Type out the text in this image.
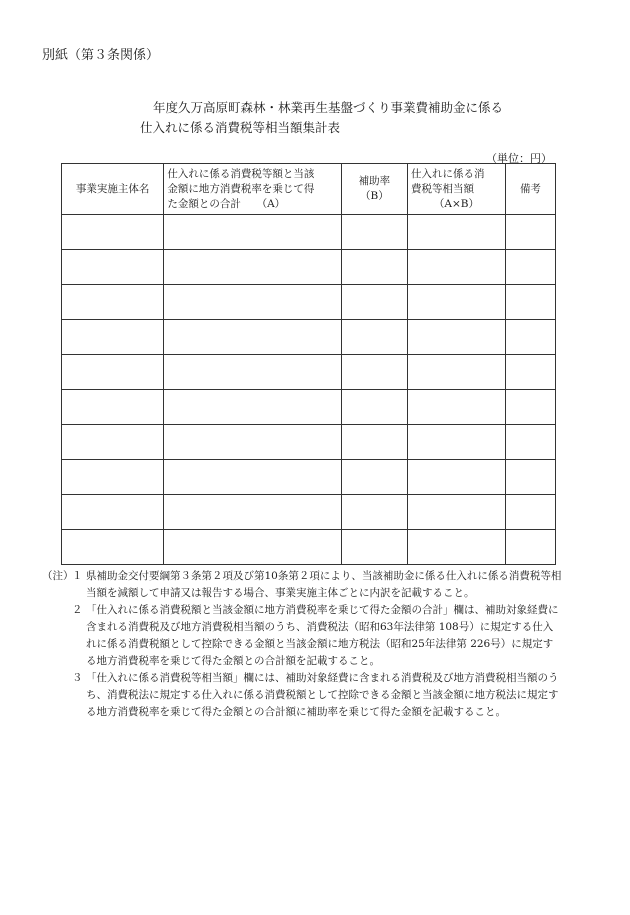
別紙（第３条関係）
年度久万高原町森林・林業再生基盤づくり事業費補助金に係る
仕入れに係る消費税等相当額集計表
（単位：円）
事業実施主体名	仕入れに係る消費税等額と当該
金額に地方消費税率を乗じて得
た金額との合計　　（A）	補助率
（B）	仕入れに係る消
費税等相当額
（A×B）	備考

（注）
１ 県補助金交付要綱第３条第２項及び第10条第２項により、当該補助金に係る仕入れに係る消費税等相当額を減額して申請又は報告する場合、事業実施主体ごとに内訳を記載すること。
２ 「仕入れに係る消費税額と当該金額に地方消費税率を乗じて得た金額の合計」欄は、補助対象経費に含まれる消費税及び地方消費税相当額のうち、消費税法（昭和63年法律第 108号）に規定する仕入れに係る消費税額として控除できる金額と当該金額に地方税法（昭和25年法律第 226号）に規定する地方消費税率を乗じて得た金額との合計額を記載すること。
３ 「仕入れに係る消費税等相当額」欄には、補助対象経費に含まれる消費税及び地方消費税相当額のうち、消費税法に規定する仕入れに係る消費税額として控除できる金額と当該金額に地方税法に規定する地方消費税率を乗じて得た金額との合計額に補助率を乗じて得た金額を記載すること。
